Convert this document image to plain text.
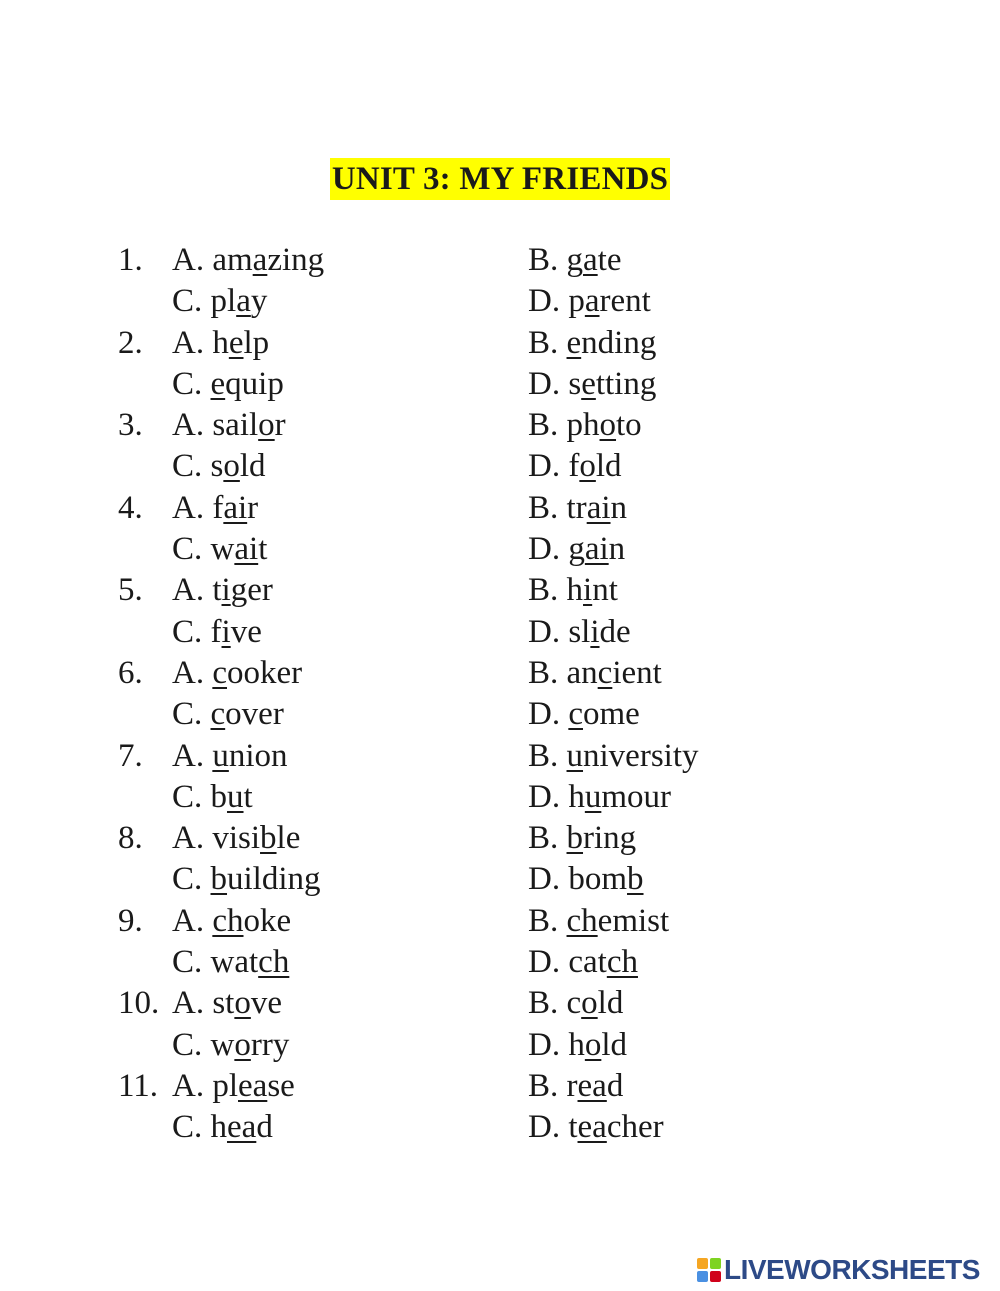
UNIT 3: MY FRIENDS
1. A. amazing	B. gate
C. play	D. parent
2. A. help	B. ending
C. equip	D. setting
3. A. sailor	B. photo
C. sold	D. fold
4. A. fair	B. train
C. wait	D. gain
5. A. tiger	B. hint
C. five	D. slide
6. A. cooker	B. ancient
C. cover	D. come
7. A. union	B. university
C. but	D. humour
8. A. visible	B. bring
C. building	D. bomb
9. A. choke	B. chemist
C. watch	D. catch
10. A. stove	B. cold
C. worry	D. hold
11. A. please	B. read
C. head	D. teacher
LIVEWORKSHEETS
